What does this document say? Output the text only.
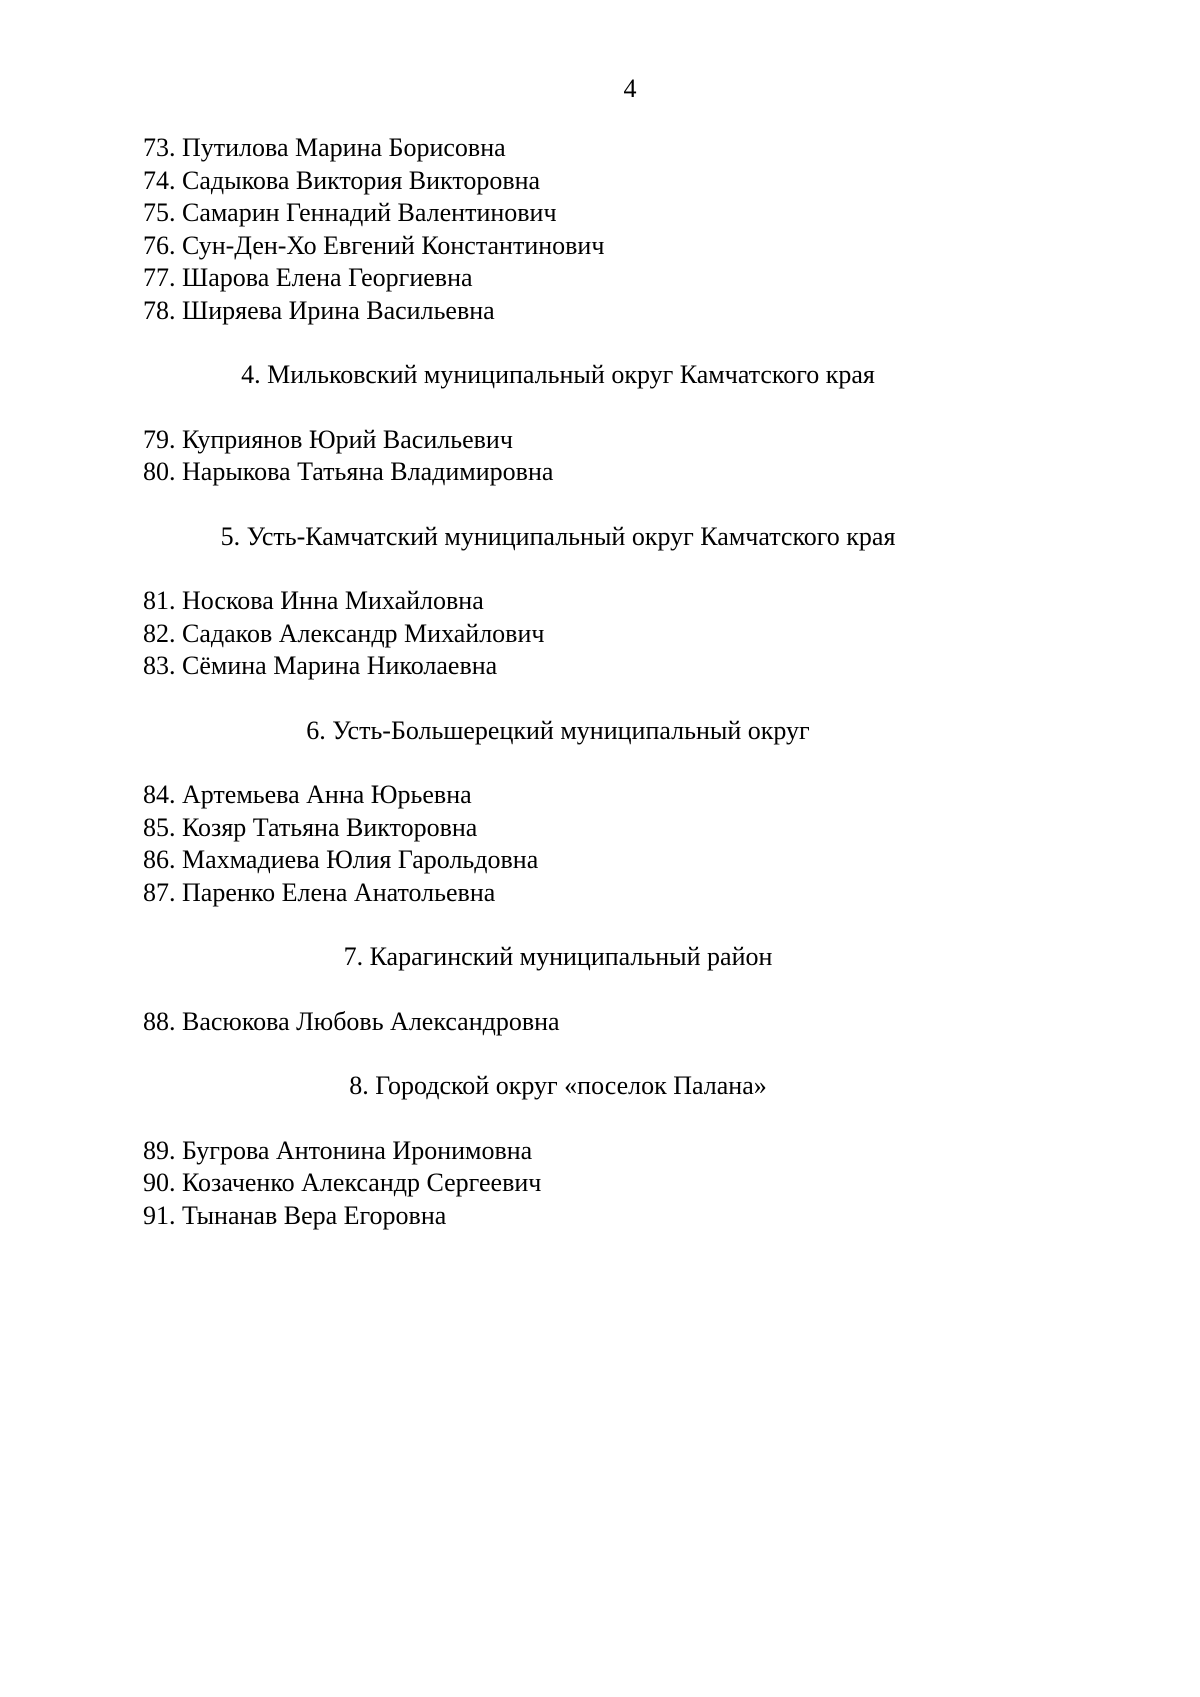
4
73. Путилова Марина Борисовна
74. Садыкова Виктория Викторовна
75. Самарин Геннадий Валентинович
76. Сун-Ден-Хо Евгений Константинович
77. Шарова Елена Георгиевна
78. Ширяева Ирина Васильевна
4. Мильковский муниципальный округ Камчатского края
79. Куприянов Юрий Васильевич
80. Нарыкова Татьяна Владимировна
5. Усть-Камчатский муниципальный округ Камчатского края
81. Носкова Инна Михайловна
82. Садаков Александр Михайлович
83. Сёмина Марина Николаевна
6. Усть-Большерецкий муниципальный округ
84. Артемьева Анна Юрьевна
85. Козяр Татьяна Викторовна
86. Махмадиева Юлия Гарольдовна
87. Паренко Елена Анатольевна
7. Карагинский муниципальный район
88. Васюкова Любовь Александровна
8. Городской округ «поселок Палана»
89. Бугрова Антонина Иронимовна
90. Козаченко Александр Сергеевич
91. Тынанав Вера Егоровна
